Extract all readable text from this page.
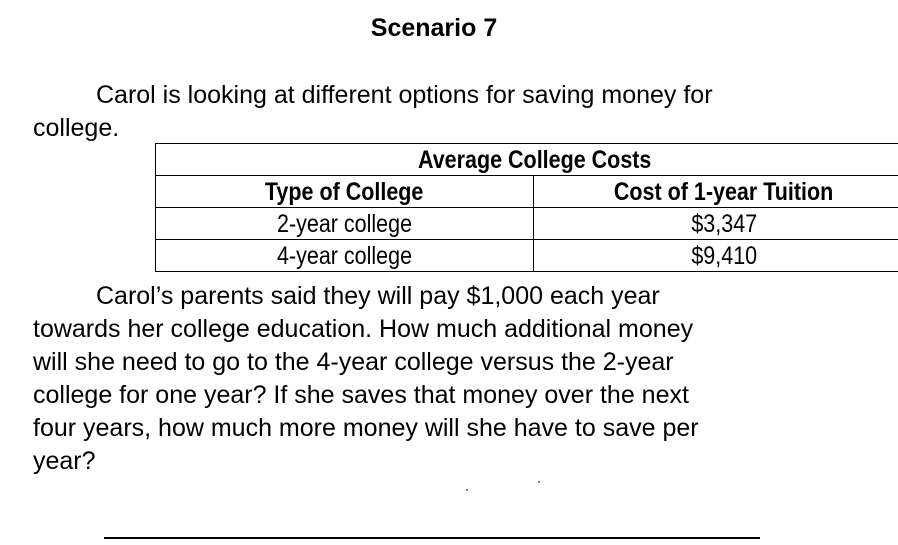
Scenario 7

Carol is looking at different options for saving money for
college.

Average College Costs	
Type of College	Cost of 1-year Tuition
2-year college	$3,347
4-year college	$9,410

Carol’s parents said they will pay $1,000 each year
towards her college education. How much additional money
will she need to go to the 4-year college versus the 2-year
college for one year? If she saves that money over the next
four years, how much more money will she have to save per
year?
